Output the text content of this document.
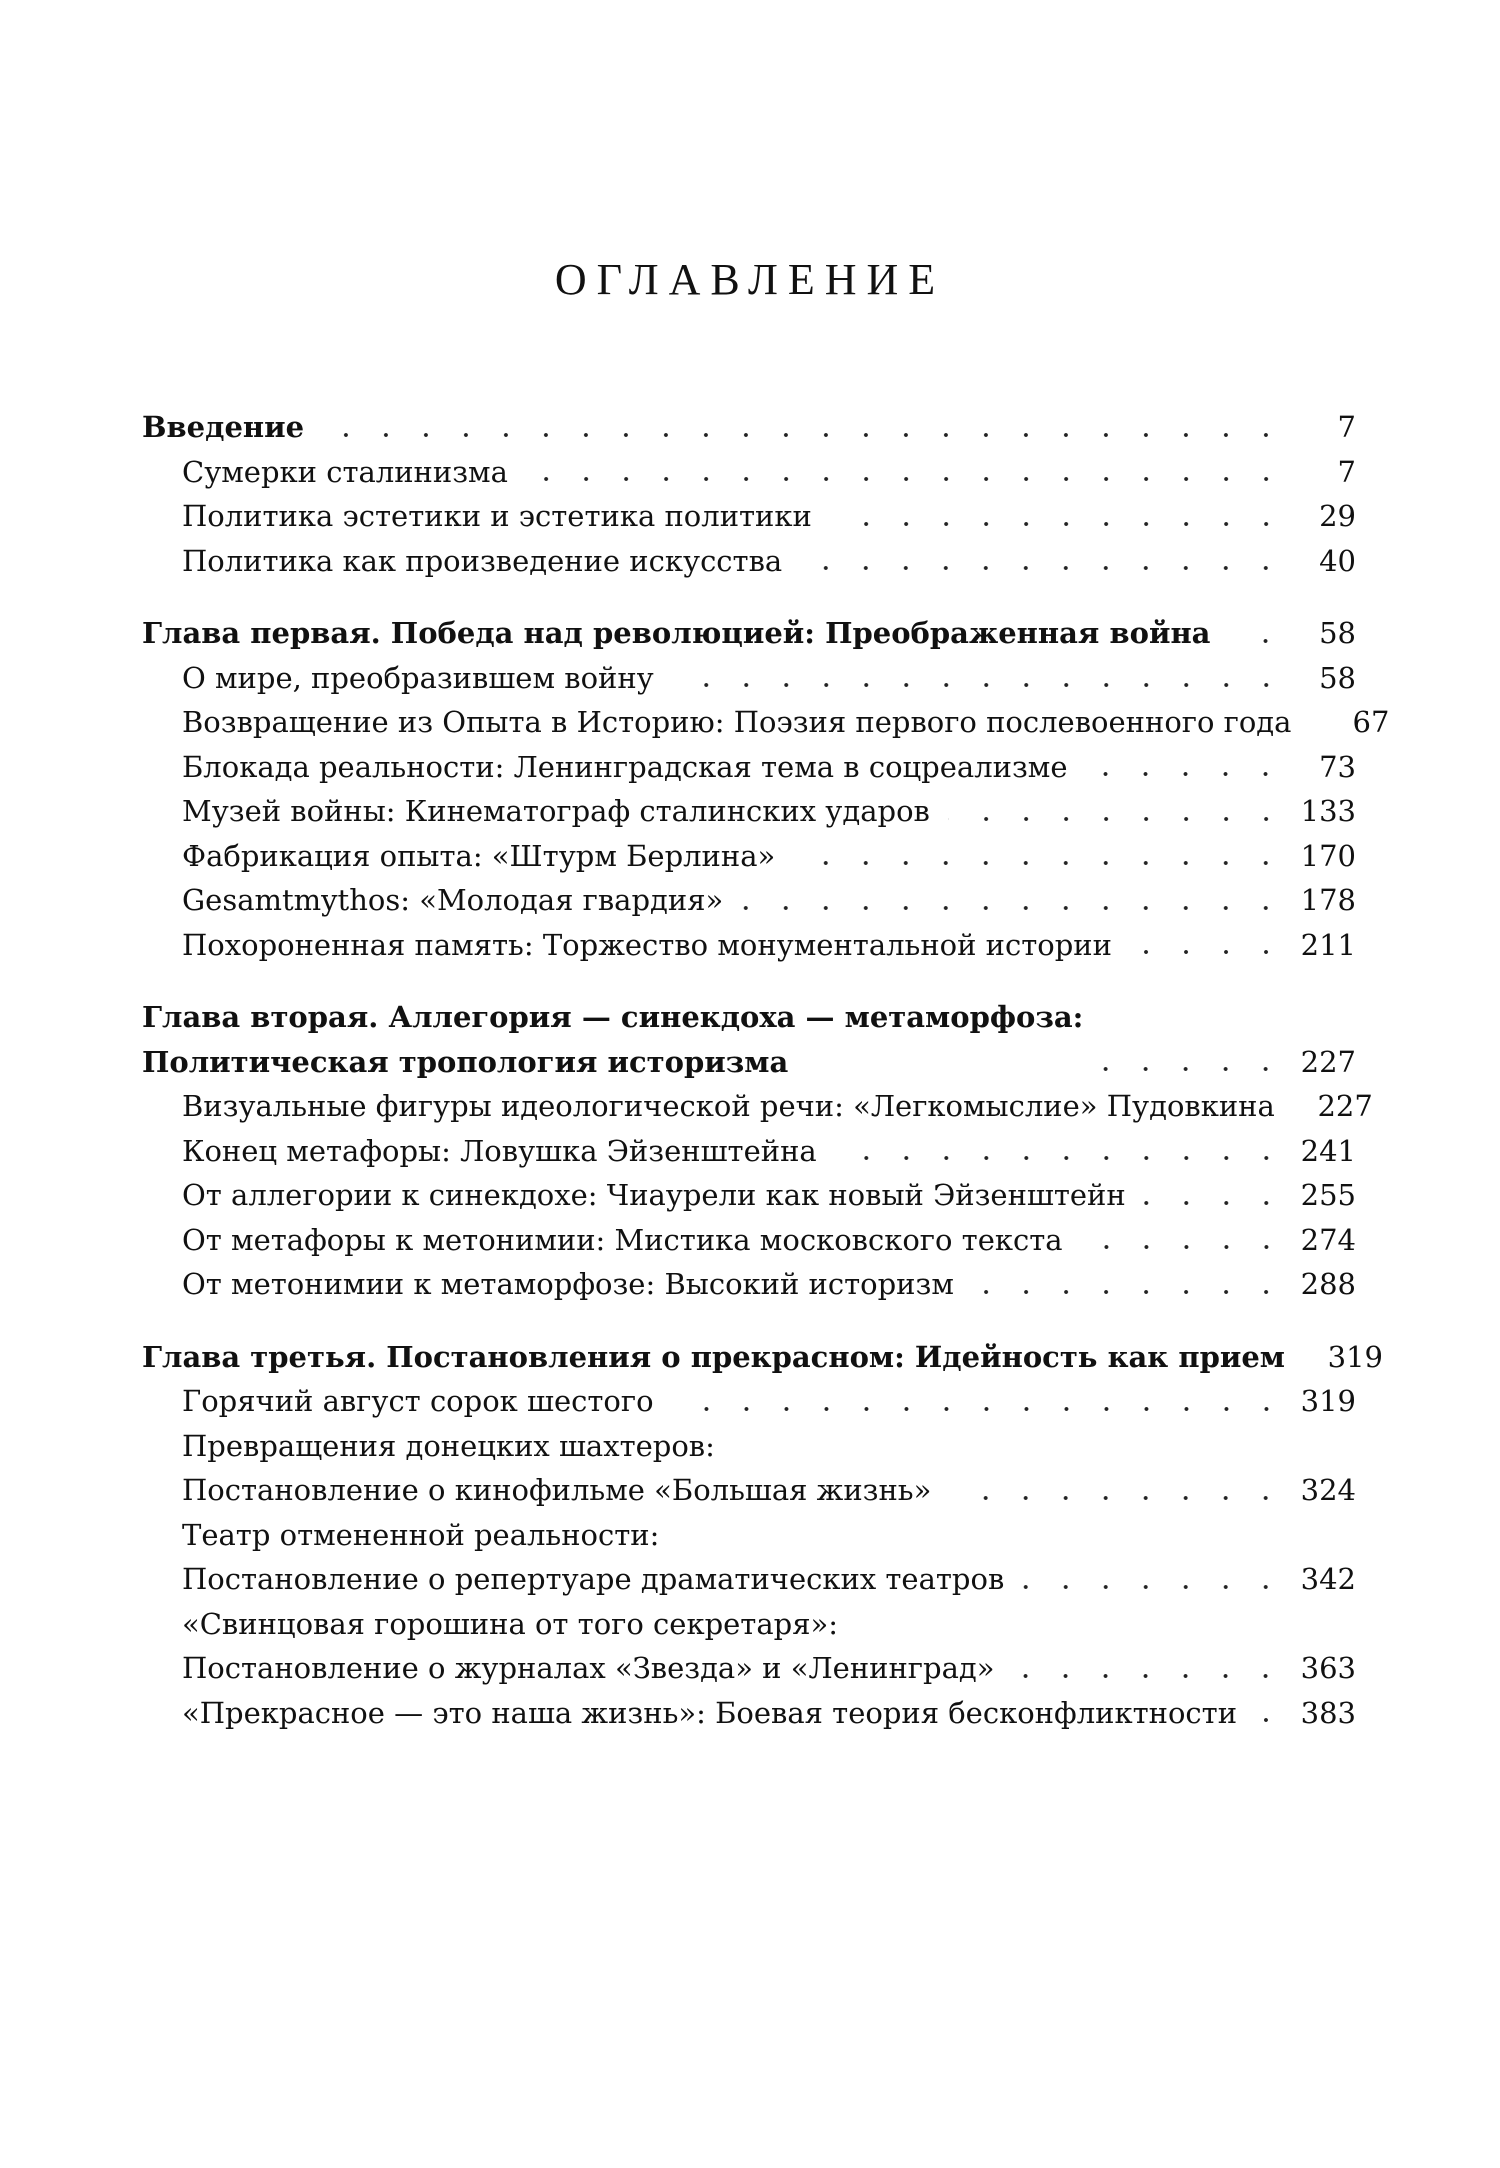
ОГЛАВЛЕНИЕ
Введение	7
Сумерки сталинизма	7
Политика эстетики и эстетика политики	29
Политика как произведение искусства	40
Глава первая. Победа над революцией: Преображенная война	58
О мире, преобразившем войну	58
Возвращение из Опыта в Историю: Поэзия первого послевоенного года	67
Блокада реальности: Ленинградская тема в соцреализме	73
Музей войны: Кинематограф сталинских ударов	133
Фабрикация опыта: «Штурм Берлина»	170
Gesamtmythos: «Молодая гвардия»	178
Похороненная память: Торжество монументальной истории	211
Глава вторая. Аллегория — синекдоха — метаморфоза:
Политическая тропология историзма	227
Визуальные фигуры идеологической речи: «Легкомыслие» Пудовкина 227
Конец метафоры: Ловушка Эйзенштейна	241
От аллегории к синекдохе: Чиаурели как новый Эйзенштейн	255
От метафоры к метонимии: Мистика московского текста	274
От метонимии к метаморфозе: Высокий историзм	288
Глава третья. Постановления о прекрасном: Идейность как прием 319
Горячий август сорок шестого	319
Превращения донецких шахтеров:
Постановление о кинофильме «Большая жизнь»	324
Театр отмененной реальности:
Постановление о репертуаре драматических театров	342
«Свинцовая горошина от того секретаря»:
Постановление о журналах «Звезда» и «Ленинград»	363
«Прекрасное — это наша жизнь»: Боевая теория бесконфликтности 383
